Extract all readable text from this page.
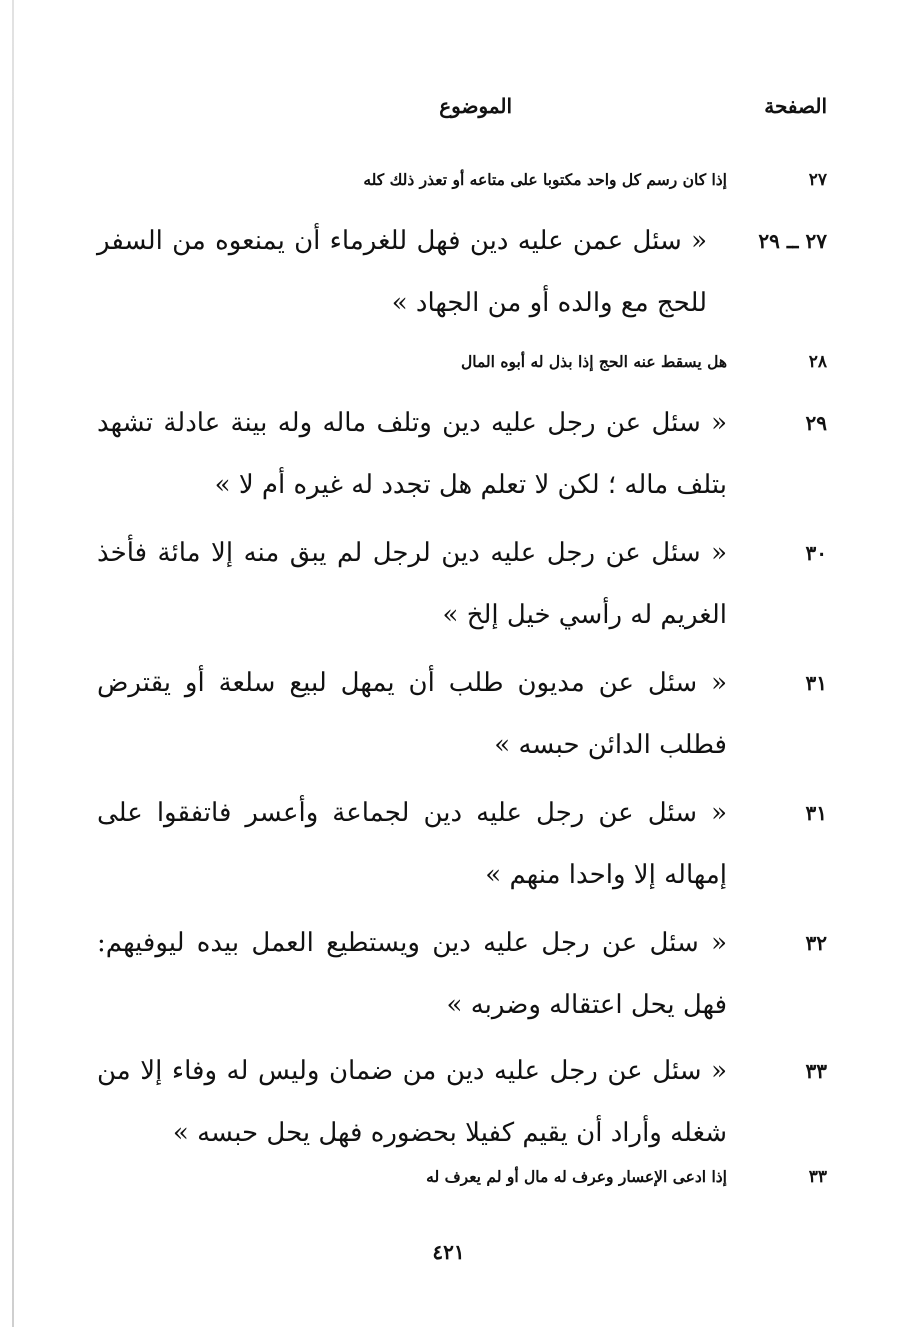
الصفحة
الموضوع
٢٧
إذا كان رسم كل واحد مكتوبا على متاعه أو تعذر ذلك كله
٢٧ ــ ٢٩
« سئل عمن عليه دين فهل للغرماء أن يمنعوه من السفر للحج مع والده أو من الجهاد »
٢٨
هل يسقط عنه الحج إذا بذل له أبوه المال
٢٩
« سئل عن رجل عليه دين وتلف ماله وله بينة عادلة تشهد بتلف ماله ؛ لكن لا تعلم هل تجدد له غيره أم لا »
٣٠
« سئل عن رجل عليه دين لرجل لم يبق منه إلا مائة فأخذ الغريم له رأسي خيل إلخ »
٣١
« سئل عن مديون طلب أن يمهل لبيع سلعة أو يقترض فطلب الدائن حبسه »
٣١
« سئل عن رجل عليه دين لجماعة وأعسر فاتفقوا على إمهاله إلا واحدا منهم »
٣٢
« سئل عن رجل عليه دين ويستطيع العمل بيده ليوفيهم: فهل يحل اعتقاله وضربه »
٣٣
« سئل عن رجل عليه دين من ضمان وليس له وفاء إلا من شغله وأراد أن يقيم كفيلا بحضوره فهل يحل حبسه »
٣٣
إذا ادعى الإعسار وعرف له مال أو لم يعرف له
٤٢١
